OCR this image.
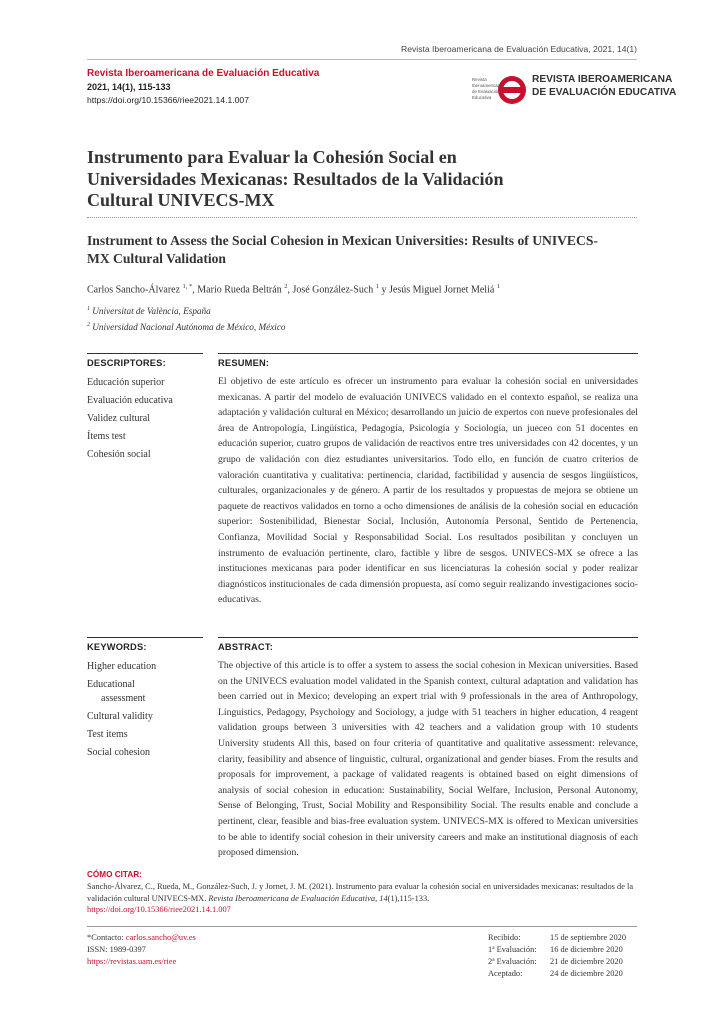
Revista Iberoamericana de Evaluación Educativa, 2021, 14(1)
Revista Iberoamericana de Evaluación Educativa
2021, 14(1), 115-133
https://doi.org/10.15366/riee2021.14.1.007
Revista
Iberoamericana
de Evaluación
Educativa
REVISTA IBEROAMERICANA
DE EVALUACIÓN EDUCATIVA
Instrumento para Evaluar la Cohesión Social en Universidades Mexicanas: Resultados de la Validación Cultural UNIVECS-MX
Instrument to Assess the Social Cohesion in Mexican Universities: Results of UNIVECS-MX Cultural Validation
Carlos Sancho-Álvarez $^{1, *}$, Mario Rueda Beltrán $^2$, José González-Such $^1$ y Jesús Miguel Jornet Meliá $^1$
$^1$ Universitat de València, España
$^2$ Universidad Nacional Autónoma de México, México
DESCRIPTORES:	RESUMEN:
Educación superior
Evaluación educativa
Validez cultural
Ítems test
Cohesión social
El objetivo de este artículo es ofrecer un instrumento para evaluar la cohesión social en universidades mexicanas. A partir del modelo de evaluación UNIVECS validado en el contexto español, se realiza una adaptación y validación cultural en México; desarrollando un juicio de expertos con nueve profesionales del área de Antropología, Lingüística, Pedagogía, Psicología y Sociología, un jueceo con 51 docentes en educación superior, cuatro grupos de validación de reactivos entre tres universidades con 42 docentes, y un grupo de validación con diez estudiantes universitarios. Todo ello, en función de cuatro criterios de valoración cuantitativa y cualitativa: pertinencia, claridad, factibilidad y ausencia de sesgos lingüísticos, culturales, organizacionales y de género. A partir de los resultados y propuestas de mejora se obtiene un paquete de reactivos validados en torno a ocho dimensiones de análisis de la cohesión social en educación superior: Sostenibilidad, Bienestar Social, Inclusión, Autonomía Personal, Sentido de Pertenencia, Confianza, Movilidad Social y Responsabilidad Social. Los resultados posibilitan y concluyen un instrumento de evaluación pertinente, claro, factible y libre de sesgos. UNIVECS-MX se ofrece a las instituciones mexicanas para poder identificar en sus licenciaturas la cohesión social y poder realizar diagnósticos institucionales de cada dimensión propuesta, así como seguir realizando investigaciones socio-educativas.
KEYWORDS:	ABSTRACT:
Higher education
Educational
assessment
Cultural validity
Test items
Social cohesion
The objective of this article is to offer a system to assess the social cohesion in Mexican universities. Based on the UNIVECS evaluation model validated in the Spanish context, cultural adaptation and validation has been carried out in Mexico; developing an expert trial with 9 professionals in the area of Anthropology, Linguistics, Pedagogy, Psychology and Sociology, a judge with 51 teachers in higher education, 4 reagent validation groups between 3 universities with 42 teachers and a validation group with 10 students University students All this, based on four criteria of quantitative and qualitative assessment: relevance, clarity, feasibility and absence of linguistic, cultural, organizational and gender biases. From the results and proposals for improvement, a package of validated reagents is obtained based on eight dimensions of analysis of social cohesion in education: Sustainability, Social Welfare, Inclusion, Personal Autonomy, Sense of Belonging, Trust, Social Mobility and Responsibility Social. The results enable and conclude a pertinent, clear, feasible and bias-free evaluation system. UNIVECS-MX is offered to Mexican universities to be able to identify social cohesion in their university careers and make an institutional diagnosis of each proposed dimension.
CÓMO CITAR:
Sancho-Álvarez, C., Rueda, M., González-Such, J. y Jornet, J. M. (2021). Instrumento para evaluar la cohesión social en universidades mexicanas: resultados de la validación cultural UNIVECS-MX. Revista Iberoamericana de Evaluación Educativa, 14(1),115-133.
https://doi.org/10.15366/riee2021.14.1.007
*Contacto: carlos.sancho@uv.es
ISSN: 1989-0397
https://revistas.uam.es/riee
Recibido:	15 de septiembre 2020
1ª Evaluación: 16 de diciembre 2020
2ª Evaluación: 21 de diciembre 2020
Aceptado:	24 de diciembre 2020
